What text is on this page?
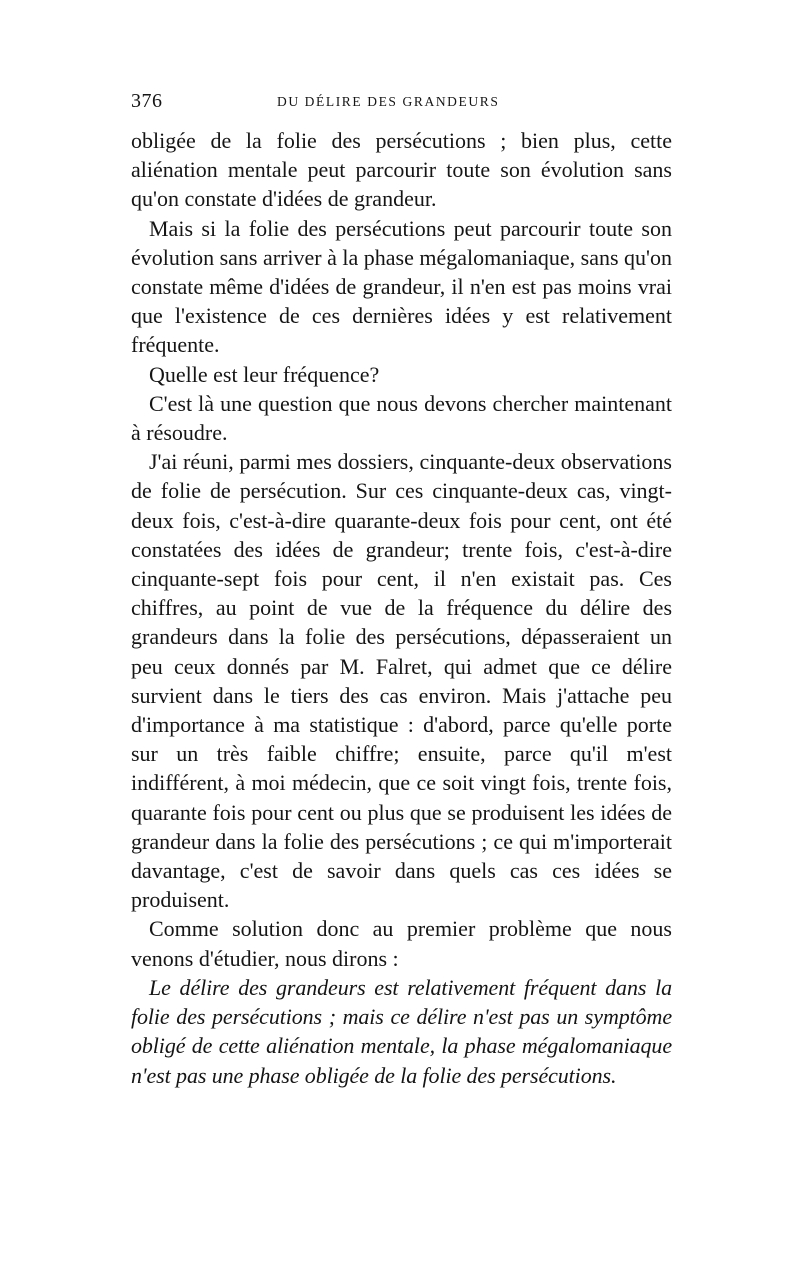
376	DU DÉLIRE DES GRANDEURS

obligée de la folie des persécutions ; bien plus, cette aliénation mentale peut parcourir toute son évolution sans qu'on constate d'idées de grandeur.

Mais si la folie des persécutions peut parcourir toute son évolution sans arriver à la phase mégalomaniaque, sans qu'on constate même d'idées de grandeur, il n'en est pas moins vrai que l'existence de ces dernières idées y est relativement fréquente.

Quelle est leur fréquence?

C'est là une question que nous devons chercher maintenant à résoudre.

J'ai réuni, parmi mes dossiers, cinquante-deux observations de folie de persécution. Sur ces cinquante-deux cas, vingt-deux fois, c'est-à-dire quarante-deux fois pour cent, ont été constatées des idées de grandeur; trente fois, c'est-à-dire cinquante-sept fois pour cent, il n'en existait pas. Ces chiffres, au point de vue de la fréquence du délire des grandeurs dans la folie des persécutions, dépasseraient un peu ceux donnés par M. Falret, qui admet que ce délire survient dans le tiers des cas environ. Mais j'attache peu d'importance à ma statistique : d'abord, parce qu'elle porte sur un très faible chiffre; ensuite, parce qu'il m'est indifférent, à moi médecin, que ce soit vingt fois, trente fois, quarante fois pour cent ou plus que se produisent les idées de grandeur dans la folie des persécutions ; ce qui m'importerait davantage, c'est de savoir dans quels cas ces idées se produisent.

Comme solution donc au premier problème que nous venons d'étudier, nous dirons :

Le délire des grandeurs est relativement fréquent dans la folie des persécutions ; mais ce délire n'est pas un symptôme obligé de cette aliénation mentale, la phase mégalomaniaque n'est pas une phase obligée de la folie des persécutions.
